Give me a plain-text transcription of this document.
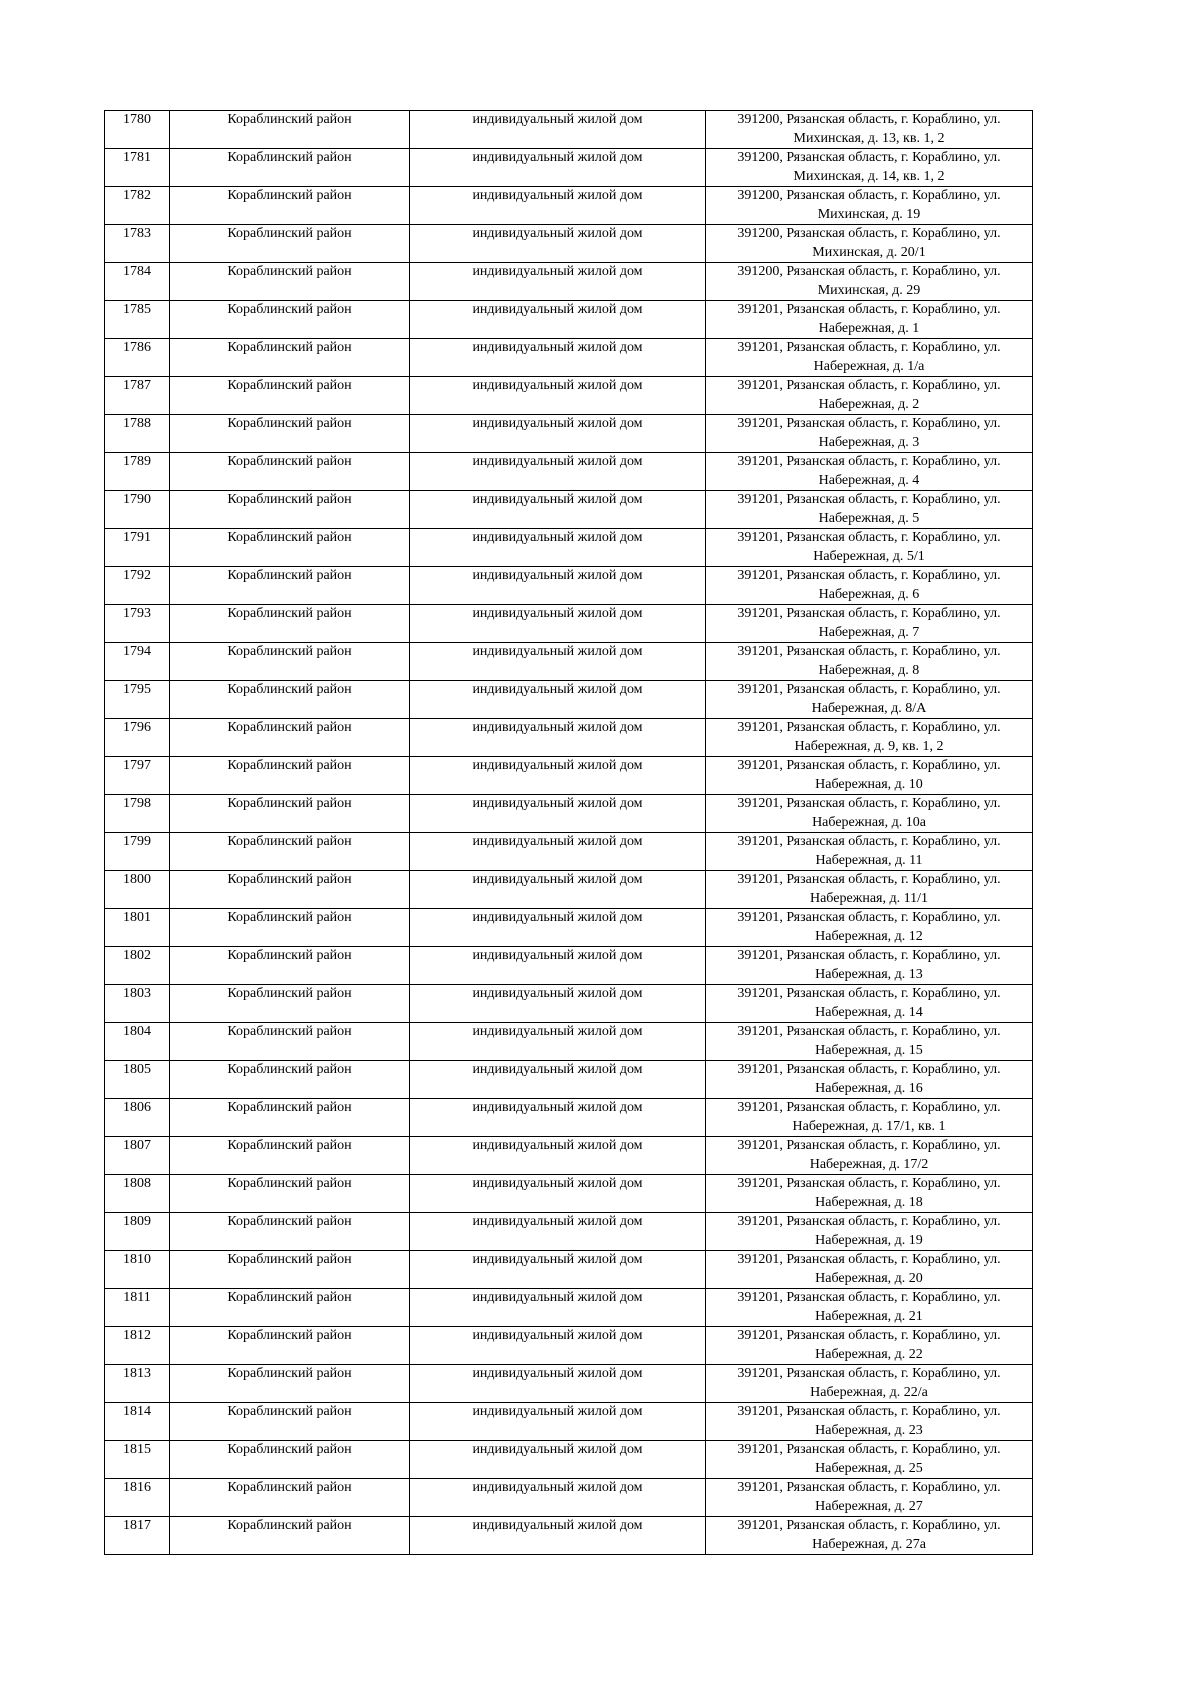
1780	Кораблинский район	индивидуальный жилой дом	391200, Рязанская область, г. Кораблино, ул. Михинская, д. 13, кв. 1, 2
1781	Кораблинский район	индивидуальный жилой дом	391200, Рязанская область, г. Кораблино, ул. Михинская, д. 14, кв. 1, 2
1782	Кораблинский район	индивидуальный жилой дом	391200, Рязанская область, г. Кораблино, ул. Михинская, д. 19
1783	Кораблинский район	индивидуальный жилой дом	391200, Рязанская область, г. Кораблино, ул. Михинская, д. 20/1
1784	Кораблинский район	индивидуальный жилой дом	391200, Рязанская область, г. Кораблино, ул. Михинская, д. 29
1785	Кораблинский район	индивидуальный жилой дом	391201, Рязанская область, г. Кораблино, ул. Набережная, д. 1
1786	Кораблинский район	индивидуальный жилой дом	391201, Рязанская область, г. Кораблино, ул. Набережная, д. 1/а
1787	Кораблинский район	индивидуальный жилой дом	391201, Рязанская область, г. Кораблино, ул. Набережная, д. 2
1788	Кораблинский район	индивидуальный жилой дом	391201, Рязанская область, г. Кораблино, ул. Набережная, д. 3
1789	Кораблинский район	индивидуальный жилой дом	391201, Рязанская область, г. Кораблино, ул. Набережная, д. 4
1790	Кораблинский район	индивидуальный жилой дом	391201, Рязанская область, г. Кораблино, ул. Набережная, д. 5
1791	Кораблинский район	индивидуальный жилой дом	391201, Рязанская область, г. Кораблино, ул. Набережная, д. 5/1
1792	Кораблинский район	индивидуальный жилой дом	391201, Рязанская область, г. Кораблино, ул. Набережная, д. 6
1793	Кораблинский район	индивидуальный жилой дом	391201, Рязанская область, г. Кораблино, ул. Набережная, д. 7
1794	Кораблинский район	индивидуальный жилой дом	391201, Рязанская область, г. Кораблино, ул. Набережная, д. 8
1795	Кораблинский район	индивидуальный жилой дом	391201, Рязанская область, г. Кораблино, ул. Набережная, д. 8/А
1796	Кораблинский район	индивидуальный жилой дом	391201, Рязанская область, г. Кораблино, ул. Набережная, д. 9, кв. 1, 2
1797	Кораблинский район	индивидуальный жилой дом	391201, Рязанская область, г. Кораблино, ул. Набережная, д. 10
1798	Кораблинский район	индивидуальный жилой дом	391201, Рязанская область, г. Кораблино, ул. Набережная, д. 10а
1799	Кораблинский район	индивидуальный жилой дом	391201, Рязанская область, г. Кораблино, ул. Набережная, д. 11
1800	Кораблинский район	индивидуальный жилой дом	391201, Рязанская область, г. Кораблино, ул. Набережная, д. 11/1
1801	Кораблинский район	индивидуальный жилой дом	391201, Рязанская область, г. Кораблино, ул. Набережная, д. 12
1802	Кораблинский район	индивидуальный жилой дом	391201, Рязанская область, г. Кораблино, ул. Набережная, д. 13
1803	Кораблинский район	индивидуальный жилой дом	391201, Рязанская область, г. Кораблино, ул. Набережная, д. 14
1804	Кораблинский район	индивидуальный жилой дом	391201, Рязанская область, г. Кораблино, ул. Набережная, д. 15
1805	Кораблинский район	индивидуальный жилой дом	391201, Рязанская область, г. Кораблино, ул. Набережная, д. 16
1806	Кораблинский район	индивидуальный жилой дом	391201, Рязанская область, г. Кораблино, ул. Набережная, д. 17/1, кв. 1
1807	Кораблинский район	индивидуальный жилой дом	391201, Рязанская область, г. Кораблино, ул. Набережная, д. 17/2
1808	Кораблинский район	индивидуальный жилой дом	391201, Рязанская область, г. Кораблино, ул. Набережная, д. 18
1809	Кораблинский район	индивидуальный жилой дом	391201, Рязанская область, г. Кораблино, ул. Набережная, д. 19
1810	Кораблинский район	индивидуальный жилой дом	391201, Рязанская область, г. Кораблино, ул. Набережная, д. 20
1811	Кораблинский район	индивидуальный жилой дом	391201, Рязанская область, г. Кораблино, ул. Набережная, д. 21
1812	Кораблинский район	индивидуальный жилой дом	391201, Рязанская область, г. Кораблино, ул. Набережная, д. 22
1813	Кораблинский район	индивидуальный жилой дом	391201, Рязанская область, г. Кораблино, ул. Набережная, д. 22/а
1814	Кораблинский район	индивидуальный жилой дом	391201, Рязанская область, г. Кораблино, ул. Набережная, д. 23
1815	Кораблинский район	индивидуальный жилой дом	391201, Рязанская область, г. Кораблино, ул. Набережная, д. 25
1816	Кораблинский район	индивидуальный жилой дом	391201, Рязанская область, г. Кораблино, ул. Набережная, д. 27
1817	Кораблинский район	индивидуальный жилой дом	391201, Рязанская область, г. Кораблино, ул. Набережная, д. 27а
